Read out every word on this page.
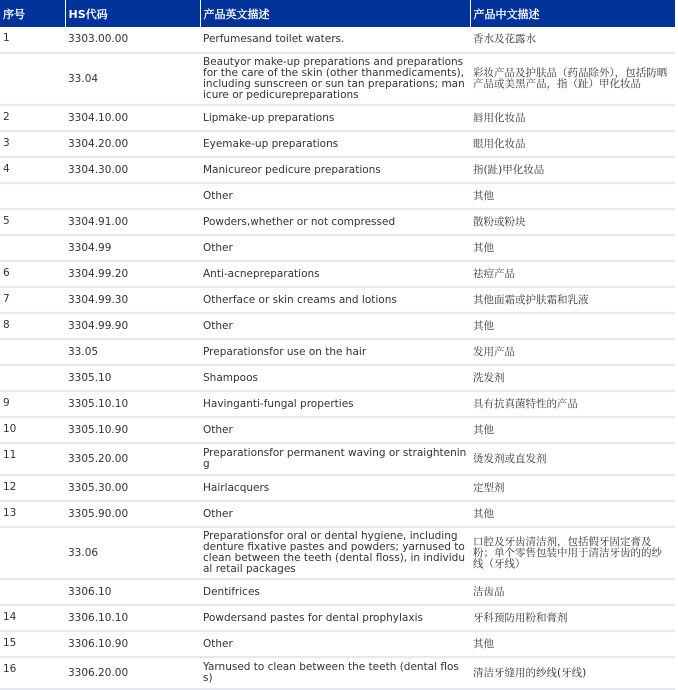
序号	HS代码	产品英文描述	产品中文描述
1	3303.00.00	Perfumesand toilet waters.	香水及花露水
	33.04	Beautyor make-up preparations and preparations for the care of the skin (other thanmedicaments), including sunscreen or sun tan preparations; manicure or pedicurepreparations	彩妆产品及护肤品（药品除外），包括防晒产品或美黑产品，指（趾）甲化妆品
2	3304.10.00	Lipmake-up preparations	唇用化妆品
3	3304.20.00	Eyemake-up preparations	眼用化妆品
4	3304.30.00	Manicureor pedicure preparations	指(趾)甲化妆品
		Other	其他
5	3304.91.00	Powders,whether or not compressed	散粉或粉块
	3304.99	Other	其他
6	3304.99.20	Anti-acnepreparations	祛痘产品
7	3304.99.30	Otherface or skin creams and lotions	其他面霜或护肤霜和乳液
8	3304.99.90	Other	其他
	33.05	Preparationsfor use on the hair	发用产品
	3305.10	Shampoos	洗发剂
9	3305.10.10	Havinganti-fungal properties	具有抗真菌特性的产品
10	3305.10.90	Other	其他
11	3305.20.00	Preparationsfor permanent waving or straightening	烫发剂或直发剂
12	3305.30.00	Hairlacquers	定型剂
13	3305.90.00	Other	其他
	33.06	Preparationsfor oral or dental hygiene, including denture fixative pastes and powders; yarnused to clean between the teeth (dental floss), in individual retail packages	口腔及牙齿清洁剂，包括假牙固定膏及粉；单个零售包装中用于清洁牙齿的的纱线（牙线）
	3306.10	Dentifrices	洁齿品
14	3306.10.10	Powdersand pastes for dental prophylaxis	牙科预防用粉和膏剂
15	3306.10.90	Other	其他
16	3306.20.00	Yarnused to clean between the teeth (dental floss)	清洁牙缝用的纱线(牙线)
